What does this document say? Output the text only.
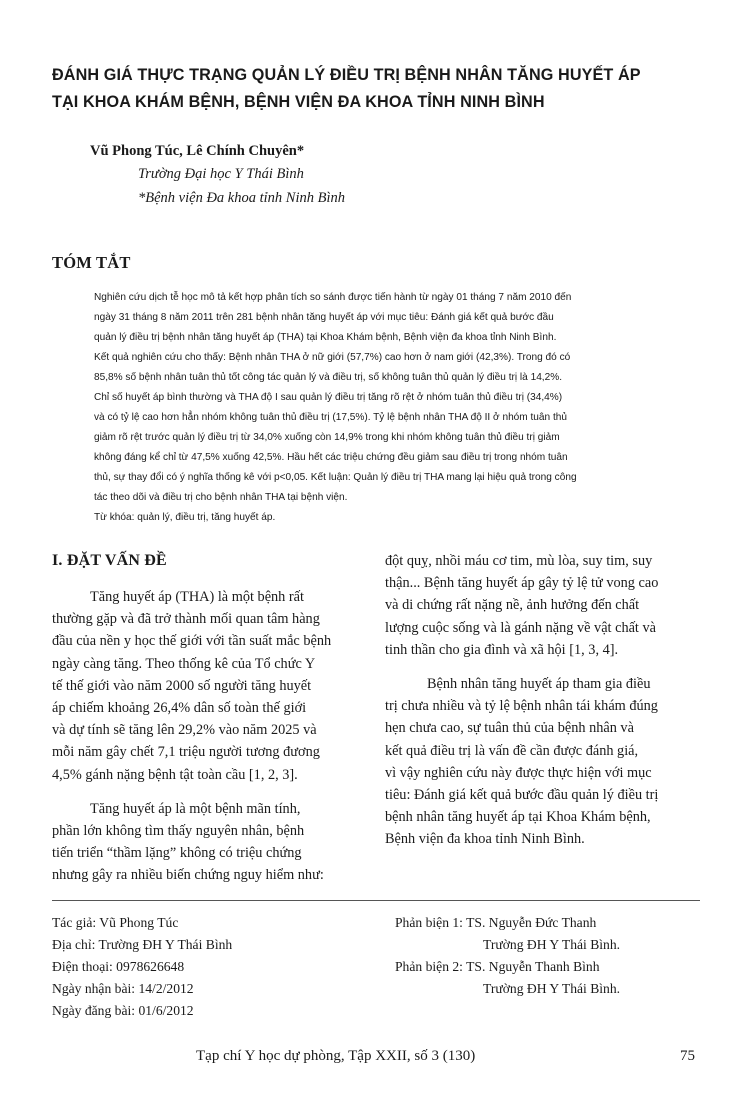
ĐÁNH GIÁ THỰC TRẠNG QUẢN LÝ ĐIỀU TRỊ BỆNH NHÂN TĂNG HUYẾT ÁP
TẠI KHOA KHÁM BỆNH, BỆNH VIỆN ĐA KHOA TỈNH NINH BÌNH
Vũ Phong Túc, Lê Chính Chuyên*
Trường Đại học Y Thái Bình
*Bệnh viện Đa khoa tỉnh Ninh Bình
TÓM TẮT
Nghiên cứu dịch tễ học mô tả kết hợp phân tích so sánh được tiến hành từ ngày 01 tháng 7 năm 2010 đến
ngày 31 tháng 8 năm 2011 trên 281 bệnh nhân tăng huyết áp với mục tiêu: Đánh giá kết quả bước đầu
quản lý điều trị bệnh nhân tăng huyết áp (THA) tại Khoa Khám bệnh, Bệnh viện đa khoa tỉnh Ninh Bình.
Kết quả nghiên cứu cho thấy: Bệnh nhân THA ở nữ giới (57,7%) cao hơn ở nam giới (42,3%). Trong đó có
85,8% số bệnh nhân tuân thủ tốt công tác quản lý và điều trị, số không tuân thủ quản lý điều trị là 14,2%.
Chỉ số huyết áp bình thường và THA độ I sau quản lý điều trị tăng rõ rệt ở nhóm tuân thủ điều trị (34,4%)
và có tỷ lệ cao hơn hẳn nhóm không tuân thủ điều trị (17,5%). Tỷ lệ bệnh nhân THA độ II ở nhóm tuân thủ
giảm rõ rệt trước quản lý điều trị từ 34,0% xuống còn 14,9% trong khi nhóm không tuân thủ điều trị giảm
không đáng kể chỉ từ 47,5% xuống 42,5%. Hầu hết các triệu chứng đều giảm sau điều trị trong nhóm tuân
thủ, sự thay đổi có ý nghĩa thống kê với p<0,05. Kết luận: Quản lý điều trị THA mang lại hiệu quả trong công
tác theo dõi và điều trị cho bệnh nhân THA tại bệnh viện.
Từ khóa: quản lý, điều trị, tăng huyết áp.
I. ĐẶT VẤN ĐỀ
Tăng huyết áp (THA) là một bệnh rất
thường gặp và đã trở thành mối quan tâm hàng
đầu của nền y học thế giới với tần suất mắc bệnh
ngày càng tăng. Theo thống kê của Tổ chức Y
tế thế giới vào năm 2000 số người tăng huyết
áp chiếm khoảng 26,4% dân số toàn thế giới
và dự tính sẽ tăng lên 29,2% vào năm 2025 và
mỗi năm gây chết 7,1 triệu người tương đương
4,5% gánh nặng bệnh tật toàn cầu [1, 2, 3].
Tăng huyết áp là một bệnh mãn tính,
phần lớn không tìm thấy nguyên nhân, bệnh
tiến triển “thầm lặng” không có triệu chứng
nhưng gây ra nhiều biến chứng nguy hiểm như:
đột quỵ, nhồi máu cơ tim, mù lòa, suy tim, suy
thận... Bệnh tăng huyết áp gây tỷ lệ tử vong cao
và di chứng rất nặng nề, ảnh hưởng đến chất
lượng cuộc sống và là gánh nặng về vật chất và
tinh thần cho gia đình và xã hội [1, 3, 4].
Bệnh nhân tăng huyết áp tham gia điều
trị chưa nhiều và tỷ lệ bệnh nhân tái khám đúng
hẹn chưa cao, sự tuân thủ của bệnh nhân và
kết quả điều trị là vấn đề cần được đánh giá,
vì vậy nghiên cứu này được thực hiện với mục
tiêu: Đánh giá kết quả bước đầu quản lý điều trị
bệnh nhân tăng huyết áp tại Khoa Khám bệnh,
Bệnh viện đa khoa tỉnh Ninh Bình.
Tác giả: Vũ Phong Túc
Địa chỉ: Trường ĐH Y Thái Bình
Điện thoại: 0978626648
Ngày nhận bài: 14/2/2012
Ngày đăng bài: 01/6/2012
Phản biện 1: TS. Nguyễn Đức Thanh
Trường ĐH Y Thái Bình.
Phản biện 2: TS. Nguyễn Thanh Bình
Trường ĐH Y Thái Bình.
Tạp chí Y học dự phòng, Tập XXII, số 3 (130)	75
